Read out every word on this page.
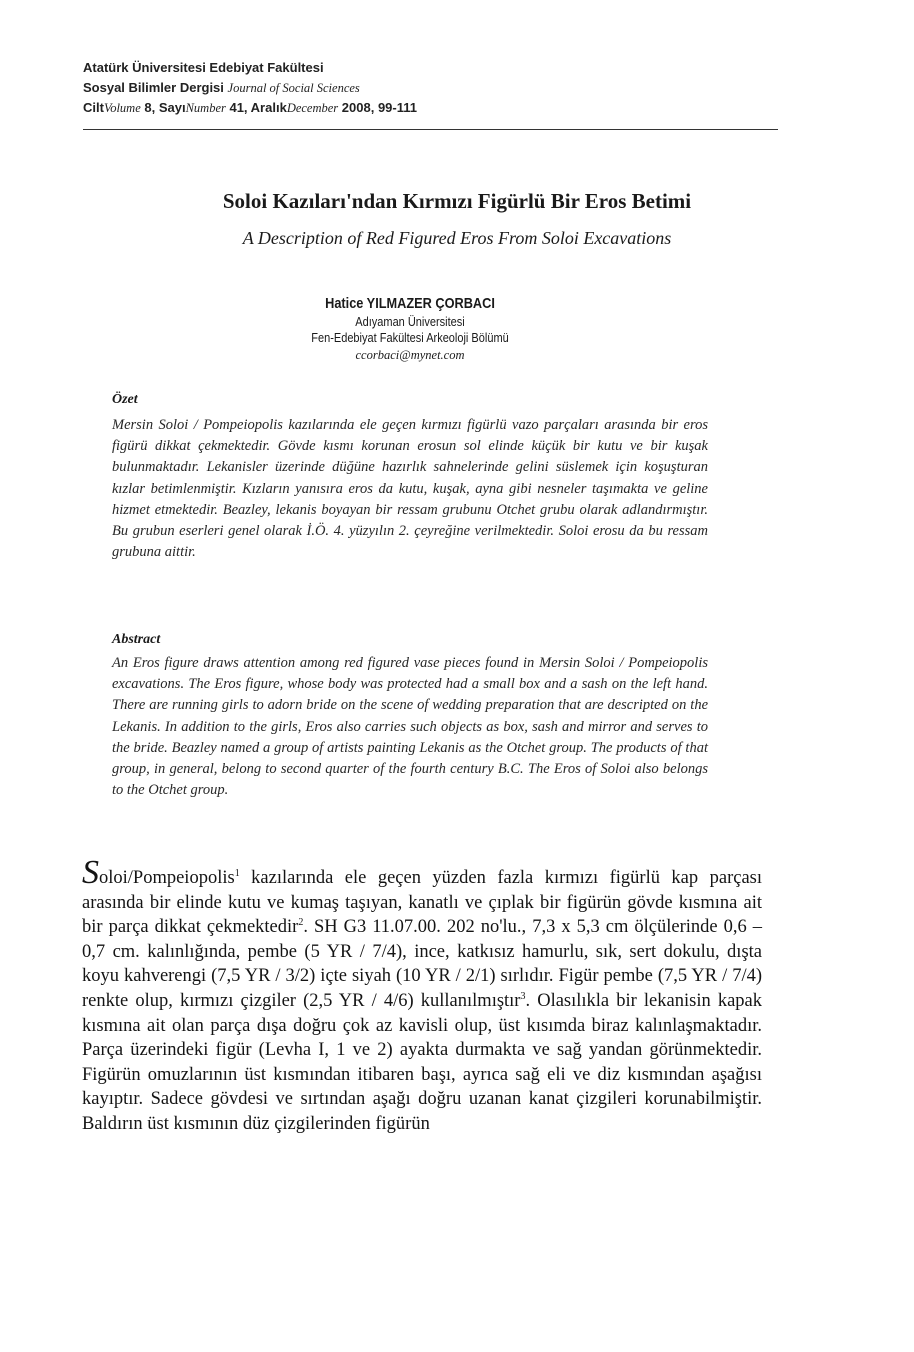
Atatürk Üniversitesi Edebiyat Fakültesi
Sosyal Bilimler Dergisi Journal of Social Sciences
CiltVolume 8, SayıNumber 41, AralıkDecember 2008, 99-111
Soloi Kazıları'ndan Kırmızı Figürlü Bir Eros Betimi
A Description of Red Figured Eros From Soloi Excavations
Hatice YILMAZER ÇORBACI
Adıyaman Üniversitesi
Fen-Edebiyat Fakültesi Arkeoloji Bölümü
ccorbaci@mynet.com
Özet
Mersin Soloi / Pompeiopolis kazılarında ele geçen kırmızı figürlü vazo parçaları arasında bir eros figürü dikkat çekmektedir. Gövde kısmı korunan erosun sol elinde küçük bir kutu ve bir kuşak bulunmaktadır. Lekanisler üzerinde düğüne hazırlık sahnelerinde gelini süslemek için koşuşturan kızlar betimlenmiştir. Kızların yanısıra eros da kutu, kuşak, ayna gibi nesneler taşımakta ve geline hizmet etmektedir. Beazley, lekanis boyayan bir ressam grubunu Otchet grubu olarak adlandırmıştır. Bu grubun eserleri genel olarak İ.Ö. 4. yüzyılın 2. çeyreğine verilmektedir. Soloi erosu da bu ressam grubuna aittir.
Abstract
An Eros figure draws attention among red figured vase pieces found in Mersin Soloi / Pompeiopolis excavations. The Eros figure, whose body was protected had a small box and a sash on the left hand. There are running girls to adorn bride on the scene of wedding preparation that are descripted on the Lekanis. In addition to the girls, Eros also carries such objects as box, sash and mirror and serves to the bride. Beazley named a group of artists painting Lekanis as the Otchet group. The products of that group, in general, belong to second quarter of the fourth century B.C. The Eros of Soloi also belongs to the Otchet group.
Soloi/Pompeiopolis$^1$ kazılarında ele geçen yüzden fazla kırmızı figürlü kap parçası arasında bir elinde kutu ve kumaş taşıyan, kanatlı ve çıplak bir figürün gövde kısmına ait bir parça dikkat çekmektedir$^2$. SH G3 11.07.00. 202 no'lu., 7,3 x 5,3 cm ölçülerinde 0,6 – 0,7 cm. kalınlığında, pembe (5 YR / 7/4), ince, katkısız hamurlu, sık, sert dokulu, dışta koyu kahverengi (7,5 YR / 3/2) içte siyah (10 YR / 2/1) sırlıdır. Figür pembe (7,5 YR / 7/4) renkte olup, kırmızı çizgiler (2,5 YR / 4/6) kullanılmıştır$^3$. Olasılıkla bir lekanisin kapak kısmına ait olan parça dışa doğru çok az kavisli olup, üst kısımda biraz kalınlaşmaktadır. Parça üzerindeki figür (Levha I, 1 ve 2) ayakta durmakta ve sağ yandan görünmektedir. Figürün omuzlarının üst kısmından itibaren başı, ayrıca sağ eli ve diz kısmından aşağısı kayıptır. Sadece gövdesi ve sırtından aşağı doğru uzanan kanat çizgileri korunabilmiştir. Baldırın üst kısmının düz çizgilerinden figürün
